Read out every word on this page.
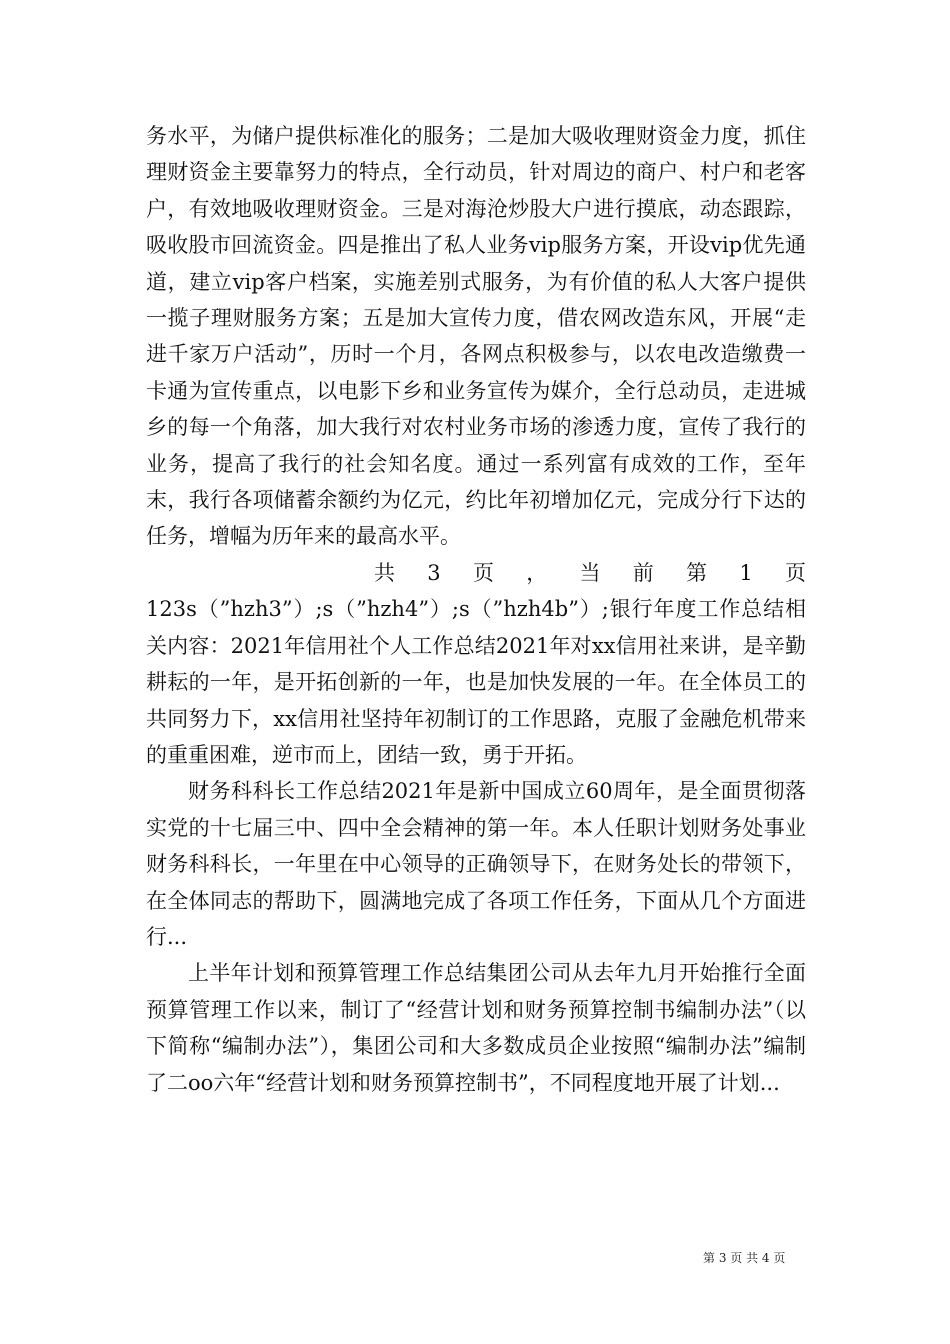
务水平，为储户提供标准化的服务；二是加大吸收理财资金力度，抓住理财资金主要靠努力的特点，全行动员，针对周边的商户、村户和老客户，有效地吸收理财资金。三是对海沧炒股大户进行摸底，动态跟踪，吸收股市回流资金。四是推出了私人业务vip服务方案，开设vip优先通道，建立vip客户档案，实施差别式服务，为有价值的私人大客户提供一揽子理财服务方案；五是加大宣传力度，借农网改造东风，开展“走进千家万户活动”，历时一个月，各网点积极参与，以农电改造缴费一卡通为宣传重点，以电影下乡和业务宣传为媒介，全行总动员，走进城乡的每一个角落，加大我行对农村业务市场的渗透力度，宣传了我行的业务，提高了我行的社会知名度。通过一系列富有成效的工作，至年末，我行各项储蓄余额约为亿元，约比年初增加亿元，完成分行下达的任务，增幅为历年来的最高水平。

共 3 页 ， 当 前 第 1 页

123s（”hzh3”）;s（”hzh4”）;s（”hzh4b”）;银行年度工作总结相关内容：2021年信用社个人工作总结2021年对xx信用社来讲，是辛勤耕耘的一年，是开拓创新的一年，也是加快发展的一年。在全体员工的共同努力下，xx信用社坚持年初制订的工作思路，克服了金融危机带来的重重困难，逆市而上，团结一致，勇于开拓。

财务科科长工作总结2021年是新中国成立60周年，是全面贯彻落实党的十七届三中、四中全会精神的第一年。本人任职计划财务处事业财务科科长，一年里在中心领导的正确领导下，在财务处长的带领下，在全体同志的帮助下，圆满地完成了各项工作任务，下面从几个方面进行...

上半年计划和预算管理工作总结集团公司从去年九月开始推行全面预算管理工作以来，制订了“经营计划和财务预算控制书编制办法”（以下简称“编制办法”），集团公司和大多数成员企业按照“编制办法”编制了二oo六年“经营计划和财务预算控制书”，不同程度地开展了计划...

第 3 页 共 4 页
